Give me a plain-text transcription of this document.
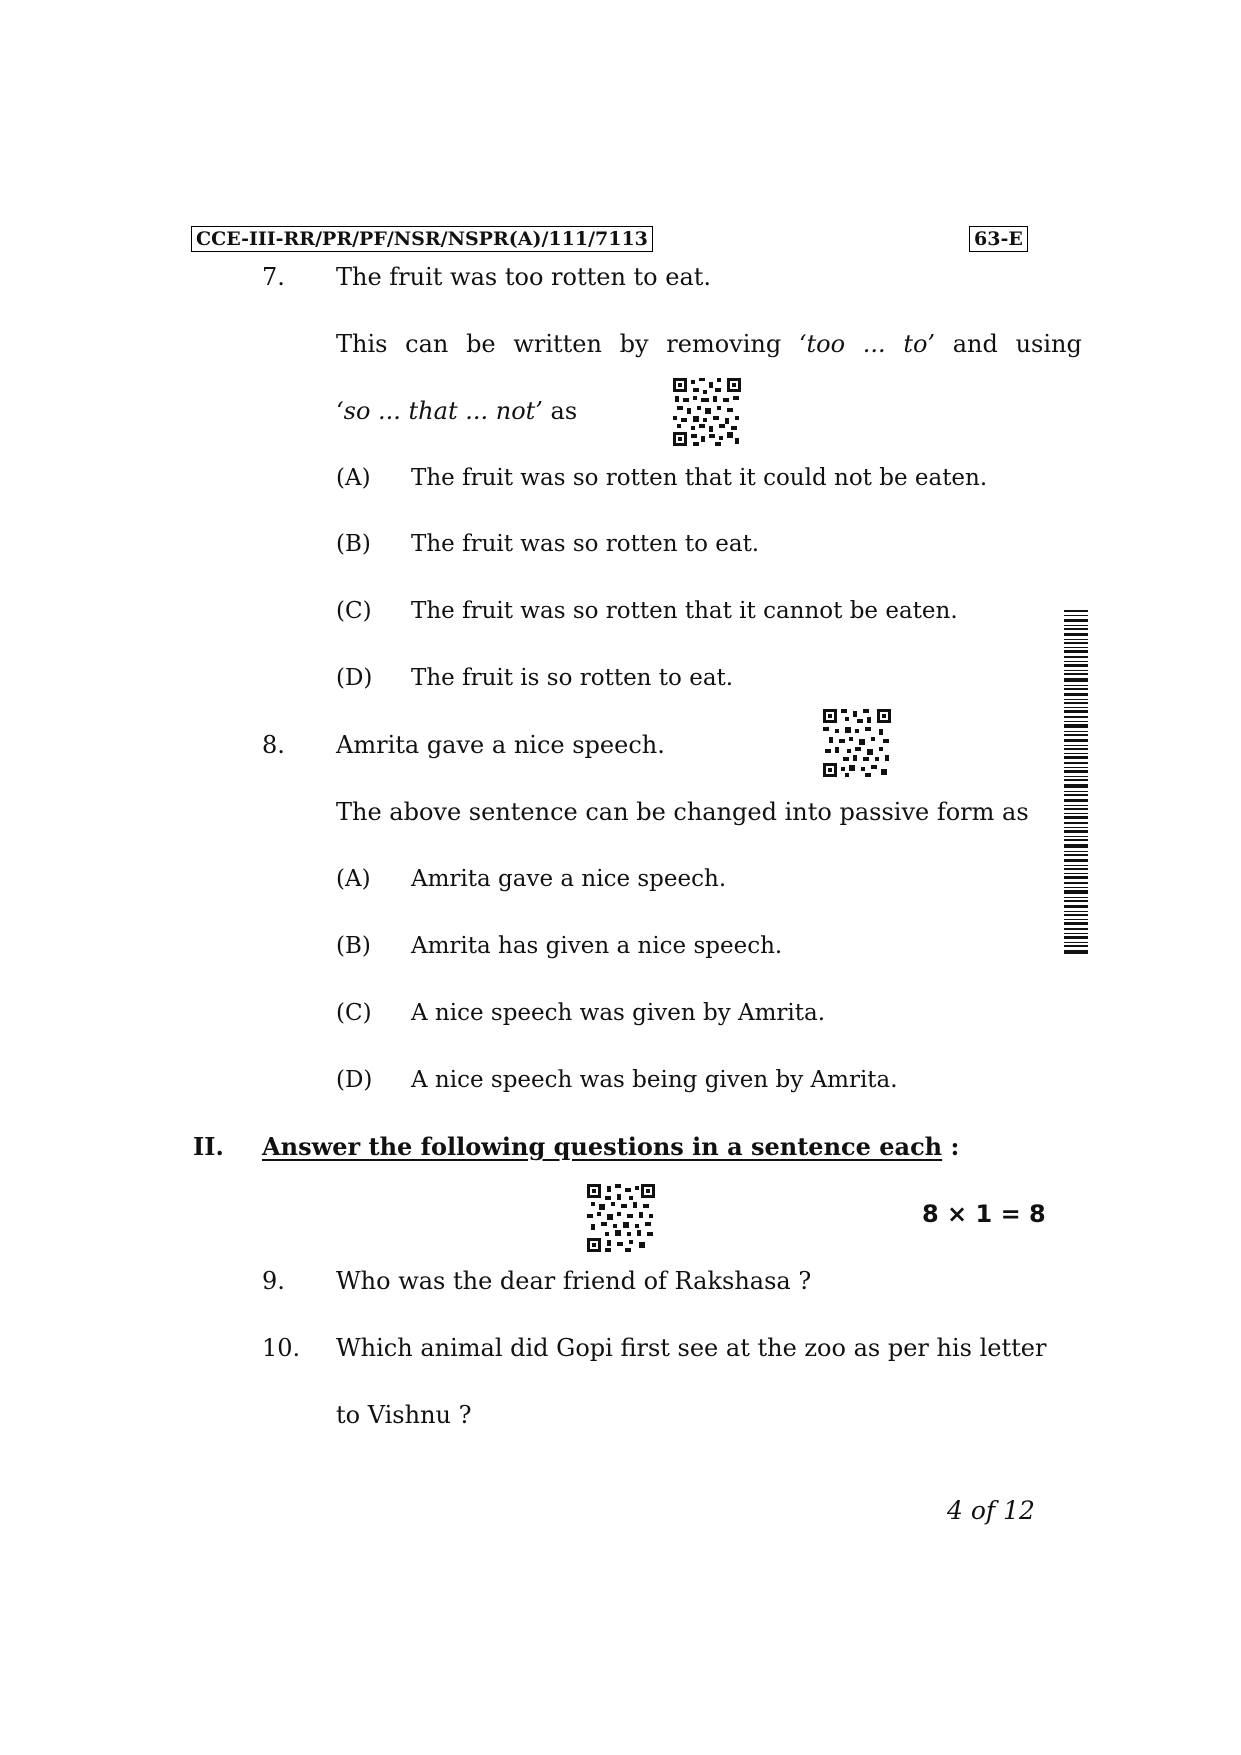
CCE-III-RR/PR/PF/NSR/NSPR(A)/111/7113	63-E
7. The fruit was too rotten to eat.
This can be written by removing ‘too ... to’ and using
‘so ... that ... not’ as
(A) The fruit was so rotten that it could not be eaten.
(B) The fruit was so rotten to eat.
(C) The fruit was so rotten that it cannot be eaten.
(D) The fruit is so rotten to eat.
8. Amrita gave a nice speech.
The above sentence can be changed into passive form as
(A) Amrita gave a nice speech.
(B) Amrita has given a nice speech.
(C) A nice speech was given by Amrita.
(D) A nice speech was being given by Amrita.
II. Answer the following questions in a sentence each :
8 × 1 = 8
9. Who was the dear friend of Rakshasa ?
10. Which animal did Gopi first see at the zoo as per his letter
to Vishnu ?
4 of 12
